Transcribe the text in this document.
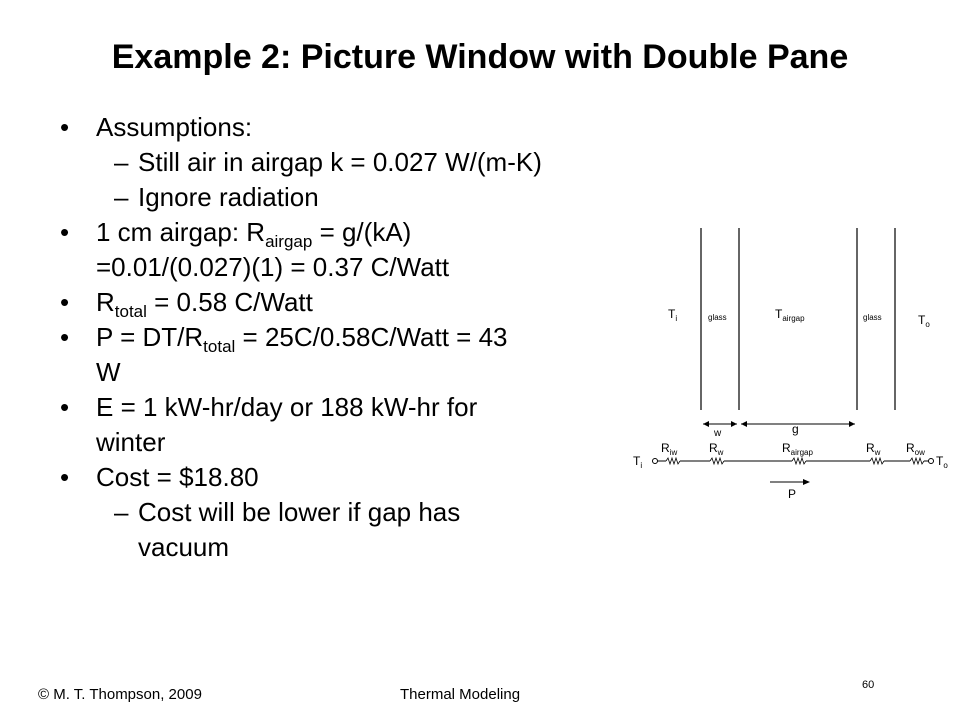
Example 2: Picture Window with Double Pane
• Assumptions:
– Still air in airgap k = 0.027 W/(m-K)
– Ignore radiation
• 1 cm airgap: $R_{airgap} = g/(kA)$
=0.01/(0.027)(1) = 0.37 C/Watt
• $R_{total} = 0.58$ C/Watt
• $P = DT/R_{total}$ = 25C/0.58C/Watt = 43
W
• E = 1 kW-hr/day or 188 kW-hr for
winter
• Cost = $18.80
– Cost will be lower if gap has
vacuum
$T_i$	glass	$T_{airgap}$	glass	$T_o$
w	g
$T_i$	$T_o$
$R_{iw}$	$R_w$	$R_{airgap}$	$R_w$ $R_{ow}$
P
© M. T. Thompson, 2009	Thermal Modeling
60
